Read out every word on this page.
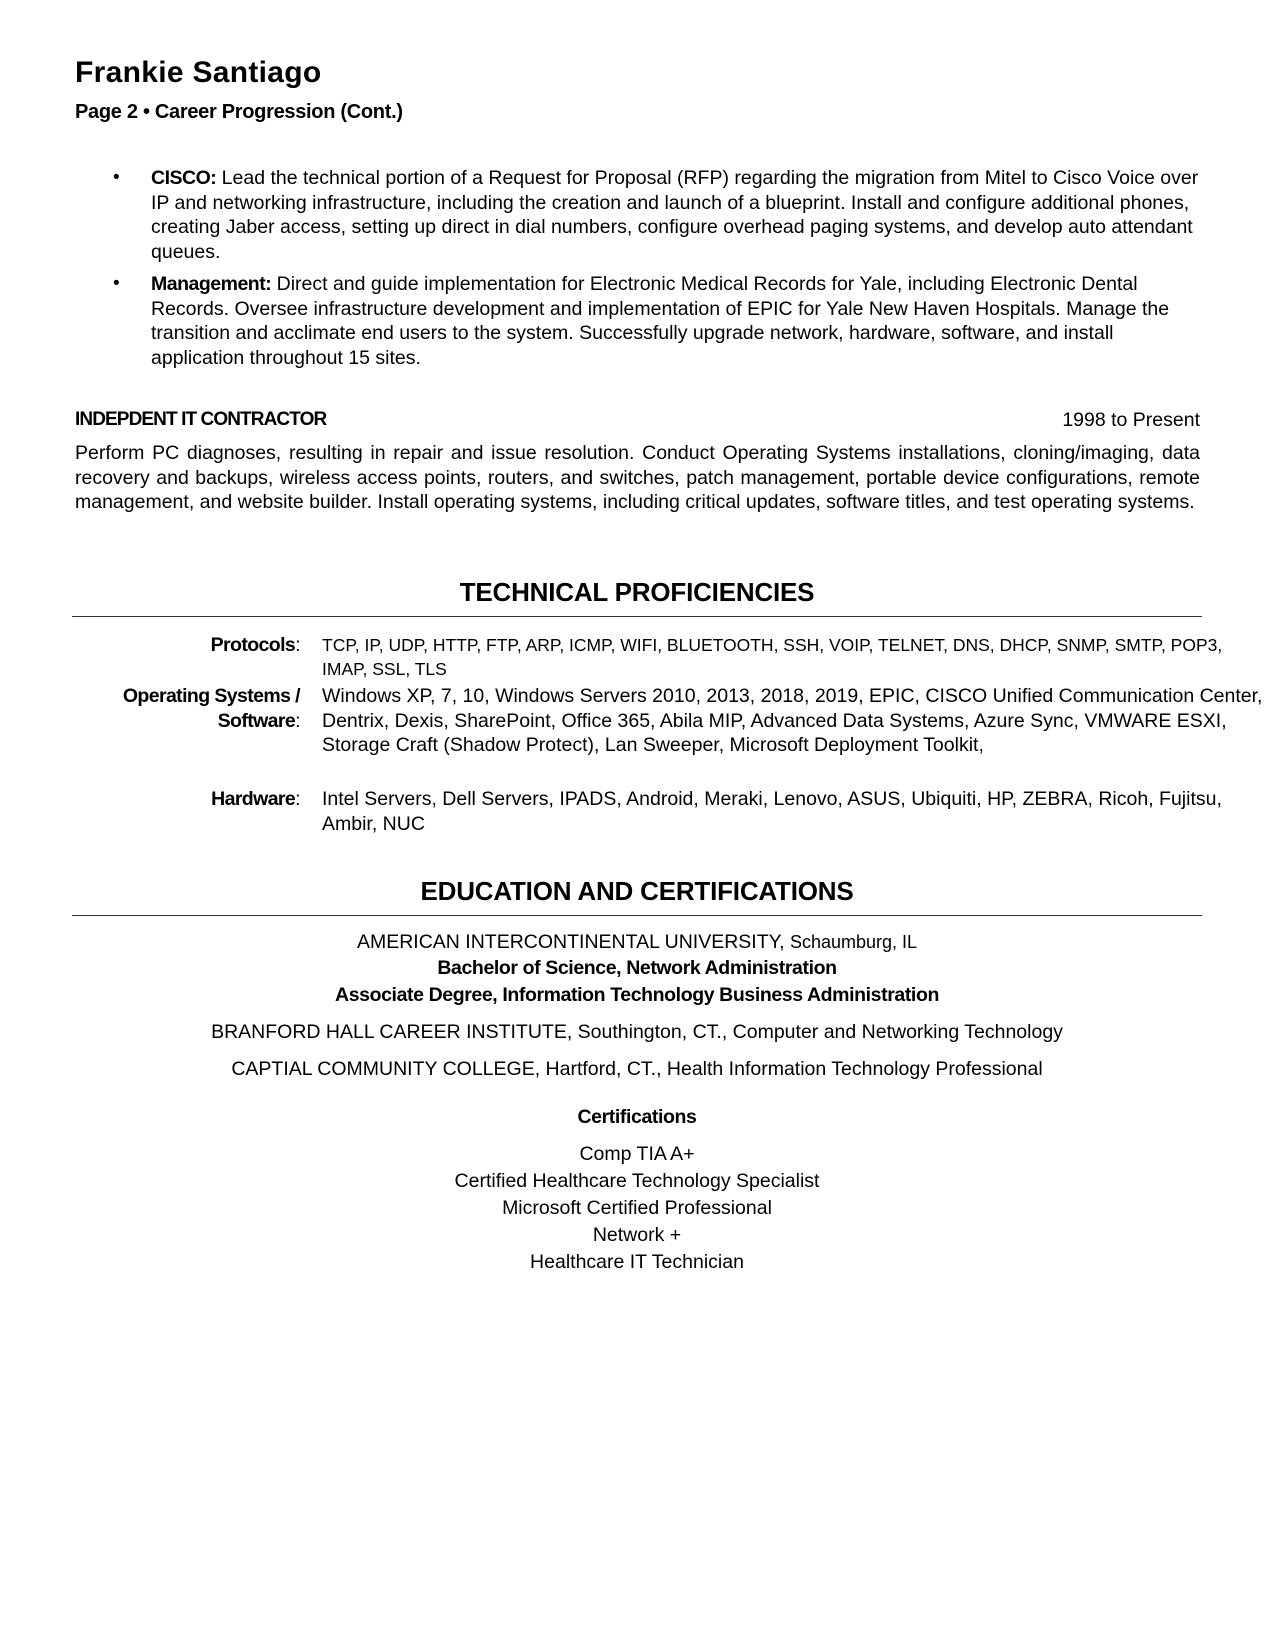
Frankie Santiago
Page 2 • Career Progression (Cont.)
• CISCO: Lead the technical portion of a Request for Proposal (RFP) regarding the migration from Mitel to Cisco Voice over IP and networking infrastructure, including the creation and launch of a blueprint. Install and configure additional phones, creating Jaber access, setting up direct in dial numbers, configure overhead paging systems, and develop auto attendant queues.
• Management: Direct and guide implementation for Electronic Medical Records for Yale, including Electronic Dental Records. Oversee infrastructure development and implementation of EPIC for Yale New Haven Hospitals. Manage the transition and acclimate end users to the system. Successfully upgrade network, hardware, software, and install application throughout 15 sites.
INDEPDENT IT CONTRACTOR	1998 to Present
Perform PC diagnoses, resulting in repair and issue resolution. Conduct Operating Systems installations, cloning/imaging, data recovery and backups, wireless access points, routers, and switches, patch management, portable device configurations, remote management, and website builder. Install operating systems, including critical updates, software titles, and test operating systems.
TECHNICAL PROFICIENCIES
Protocols: TCP, IP, UDP, HTTP, FTP, ARP, ICMP, WIFI, BLUETOOTH, SSH, VOIP, TELNET, DNS, DHCP, SNMP, SMTP, POP3, IMAP, SSL, TLS
Operating Systems /
Software:
Windows XP, 7, 10, Windows Servers 2010, 2013, 2018, 2019, EPIC, CISCO Unified Communication Center, Dentrix, Dexis, SharePoint, Office 365, Abila MIP, Advanced Data Systems, Azure Sync, VMWARE ESXI, Storage Craft (Shadow Protect), Lan Sweeper, Microsoft Deployment Toolkit,
Hardware: Intel Servers, Dell Servers, IPADS, Android, Meraki, Lenovo, ASUS, Ubiquiti, HP, ZEBRA, Ricoh, Fujitsu, Ambir, NUC
EDUCATION AND CERTIFICATIONS
AMERICAN INTERCONTINENTAL UNIVERSITY, Schaumburg, IL
Bachelor of Science, Network Administration
Associate Degree, Information Technology Business Administration
BRANFORD HALL CAREER INSTITUTE, Southington, CT., Computer and Networking Technology
CAPTIAL COMMUNITY COLLEGE, Hartford, CT., Health Information Technology Professional
Certifications
Comp TIA A+
Certified Healthcare Technology Specialist
Microsoft Certified Professional
Network +
Healthcare IT Technician
